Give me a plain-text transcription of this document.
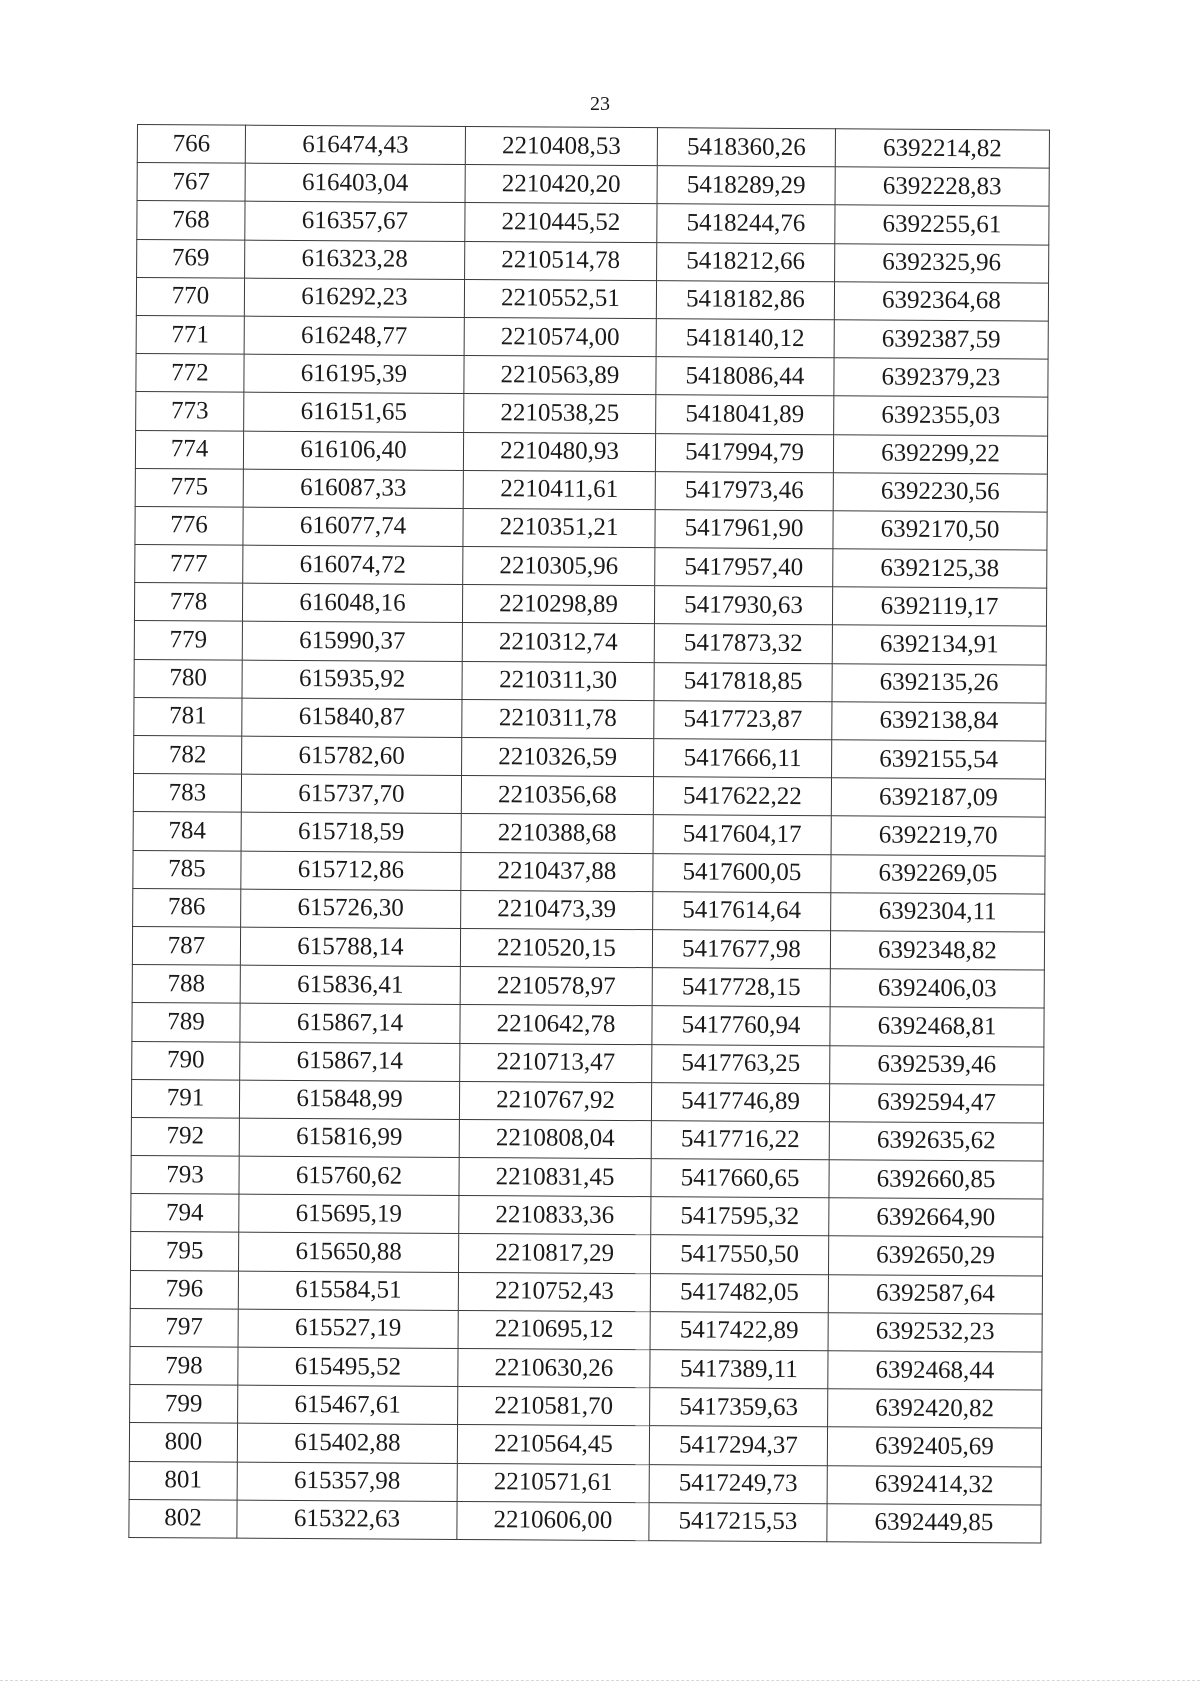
23
766	616474,43	2210408,53	5418360,26	6392214,82
767	616403,04	2210420,20	5418289,29	6392228,83
768	616357,67	2210445,52	5418244,76	6392255,61
769	616323,28	2210514,78	5418212,66	6392325,96
770	616292,23	2210552,51	5418182,86	6392364,68
771	616248,77	2210574,00	5418140,12	6392387,59
772	616195,39	2210563,89	5418086,44	6392379,23
773	616151,65	2210538,25	5418041,89	6392355,03
774	616106,40	2210480,93	5417994,79	6392299,22
775	616087,33	2210411,61	5417973,46	6392230,56
776	616077,74	2210351,21	5417961,90	6392170,50
777	616074,72	2210305,96	5417957,40	6392125,38
778	616048,16	2210298,89	5417930,63	6392119,17
779	615990,37	2210312,74	5417873,32	6392134,91
780	615935,92	2210311,30	5417818,85	6392135,26
781	615840,87	2210311,78	5417723,87	6392138,84
782	615782,60	2210326,59	5417666,11	6392155,54
783	615737,70	2210356,68	5417622,22	6392187,09
784	615718,59	2210388,68	5417604,17	6392219,70
785	615712,86	2210437,88	5417600,05	6392269,05
786	615726,30	2210473,39	5417614,64	6392304,11
787	615788,14	2210520,15	5417677,98	6392348,82
788	615836,41	2210578,97	5417728,15	6392406,03
789	615867,14	2210642,78	5417760,94	6392468,81
790	615867,14	2210713,47	5417763,25	6392539,46
791	615848,99	2210767,92	5417746,89	6392594,47
792	615816,99	2210808,04	5417716,22	6392635,62
793	615760,62	2210831,45	5417660,65	6392660,85
794	615695,19	2210833,36	5417595,32	6392664,90
795	615650,88	2210817,29	5417550,50	6392650,29
796	615584,51	2210752,43	5417482,05	6392587,64
797	615527,19	2210695,12	5417422,89	6392532,23
798	615495,52	2210630,26	5417389,11	6392468,44
799	615467,61	2210581,70	5417359,63	6392420,82
800	615402,88	2210564,45	5417294,37	6392405,69
801	615357,98	2210571,61	5417249,73	6392414,32
802	615322,63	2210606,00	5417215,53	6392449,85
